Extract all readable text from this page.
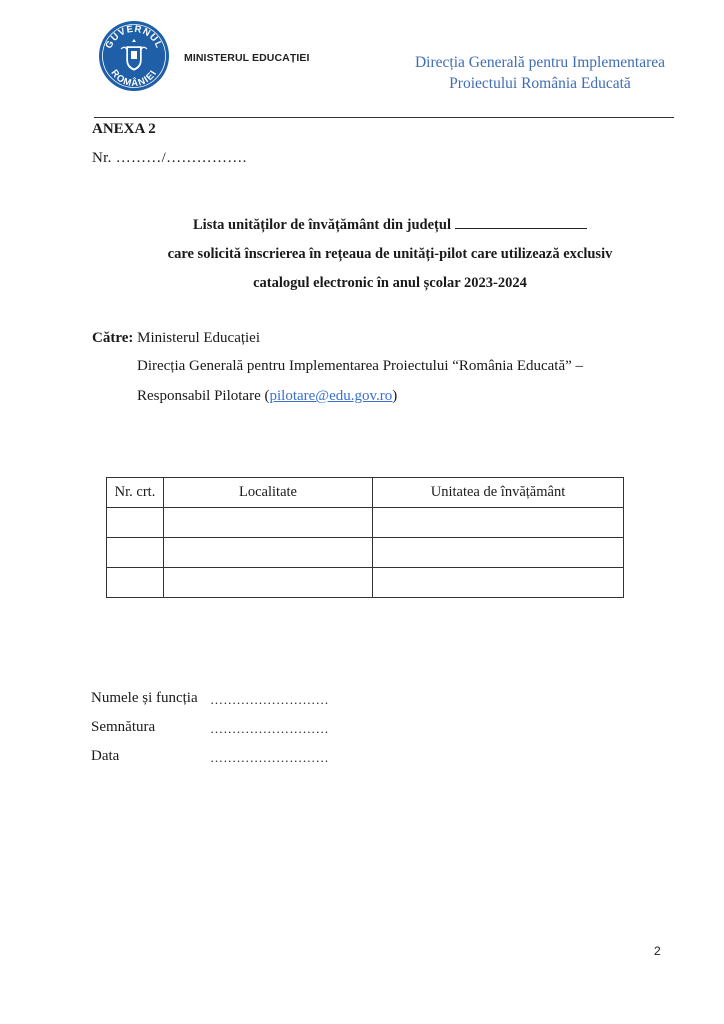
GUVERNUL
ROMÂNIEI
MINISTERUL EDUCAȚIEI	Direcția Generală pentru Implementarea
Proiectului România Educată
ANEXA 2
Nr. ………/…………….
Lista unităților de învățământ din județul
care solicită înscrierea în rețeaua de unități-pilot care utilizează exclusiv
catalogul electronic în anul școlar 2023-2024
Către: Ministerul Educației
Direcția Generală pentru Implementarea Proiectului “România Educată” –
Responsabil Pilotare (pilotare@edu.gov.ro)
Nr. crt.	Localitate	Unitatea de învățământ

Numele și funcția ………………………
Semnătura	………………………
Data	………………………
2
